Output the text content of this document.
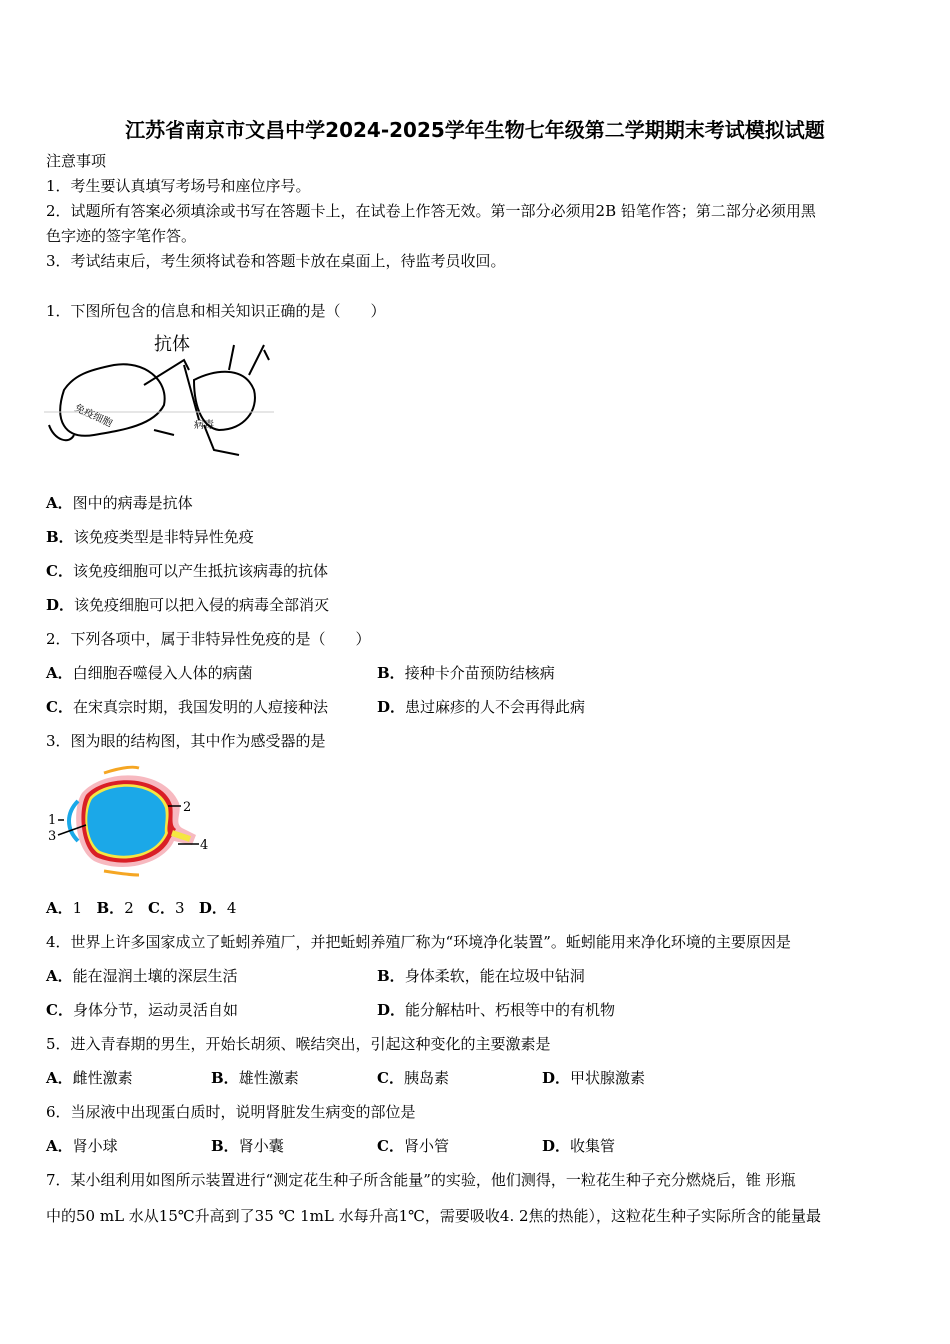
江苏省南京市文昌中学2024-2025学年生物七年级第二学期期末考试模拟试题
注意事项
1．考生要认真填写考场号和座位序号。
2．试题所有答案必须填涂或书写在答题卡上，在试卷上作答无效。第一部分必须用2B 铅笔作答；第二部分必须用黑
色字迹的签字笔作答。
3．考试结束后，考生须将试卷和答题卡放在桌面上，待监考员收回。
1．下图所包含的信息和相关知识正确的是（　　）
抗体
免疫细胞	病毒
A．图中的病毒是抗体
B．该免疫类型是非特异性免疫
C．该免疫细胞可以产生抵抗该病毒的抗体
D．该免疫细胞可以把入侵的病毒全部消灭
2．下列各项中，属于非特异性免疫的是（　　）
A．白细胞吞噬侵入人体的病菌	B．接种卡介苗预防结核病
C．在宋真宗时期，我国发明的人痘接种法	D．患过麻疹的人不会再得此病
3．图为眼的结构图，其中作为感受器的是
1
2
3
4
A．1 B．2 C．3 D．4
4．世界上许多国家成立了蚯蚓养殖厂，并把蚯蚓养殖厂称为“环境净化装置”。蚯蚓能用来净化环境的主要原因是
A．能在湿润土壤的深层生活	B．身体柔软，能在垃圾中钻洞
C．身体分节，运动灵活自如	D．能分解枯叶、朽根等中的有机物
5．进入青春期的男生，开始长胡须、喉结突出，引起这种变化的主要激素是
A．雌性激素	B．雄性激素	C．胰岛素	D．甲状腺激素
6．当尿液中出现蛋白质时，说明肾脏发生病变的部位是
A．肾小球	B．肾小囊	C．肾小管	D．收集管
7．某小组利用如图所示装置进行“测定花生种子所含能量”的实验，他们测得，一粒花生种子充分燃烧后，锥 形瓶
中的50 mL 水从15℃升高到了35 ℃ 1mL 水每升高1℃，需要吸收4. 2焦的热能），这粒花生种子实际所含的能量最
